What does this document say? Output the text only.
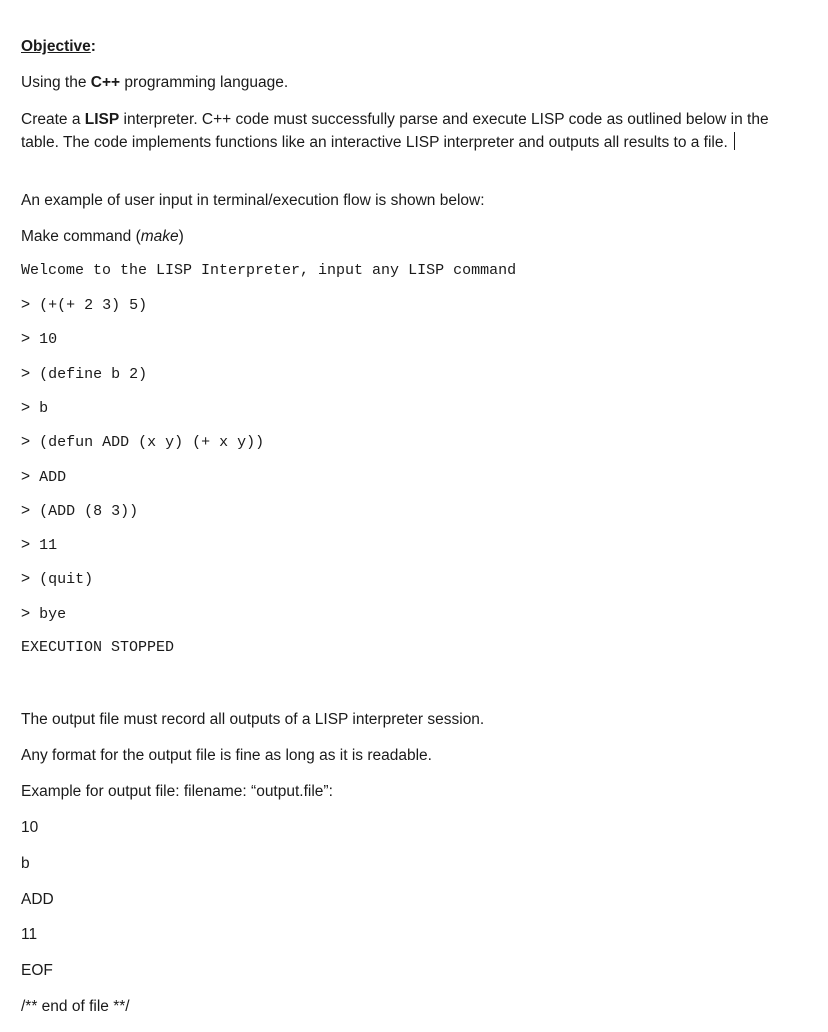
Objective:
Using the C++ programming language.
Create a LISP interpreter. C++ code must successfully parse and execute LISP code as outlined below in the table. The code implements functions like an interactive LISP interpreter and outputs all results to a file.
An example of user input in terminal/execution flow is shown below:
Make command (make)
Welcome to the LISP Interpreter, input any LISP command
> (+(+ 2 3) 5)
> 10
> (define b 2)
> b
> (defun ADD (x y) (+ x y))
> ADD
> (ADD (8 3))
> 11
> (quit)
> bye
EXECUTION STOPPED
The output file must record all outputs of a LISP interpreter session.
Any format for the output file is fine as long as it is readable.
Example for output file: filename: “output.file”:
10
b
ADD
11
EOF
/** end of file **/
